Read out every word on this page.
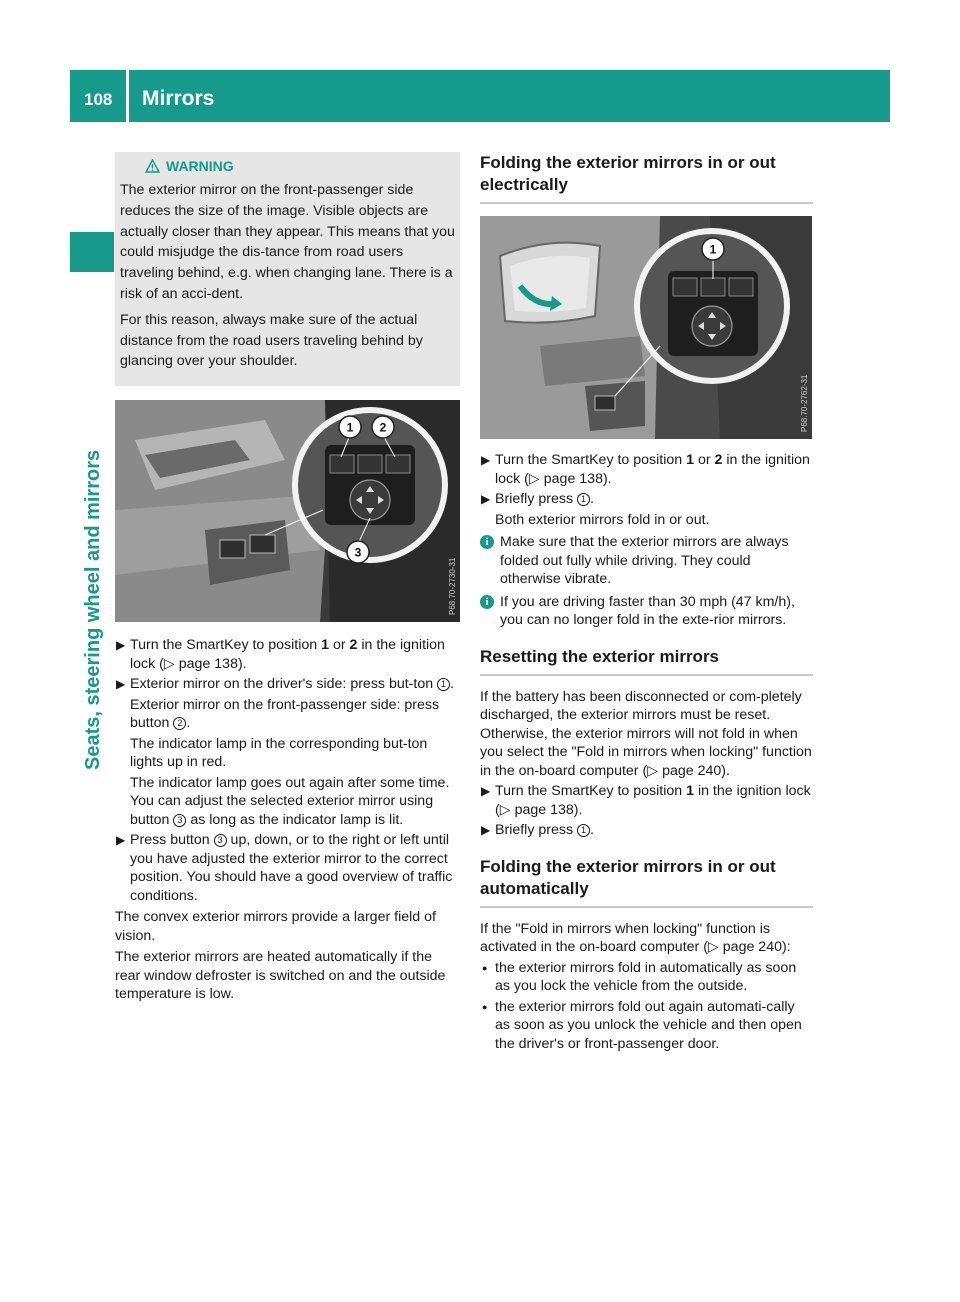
108 Mirrors
Seats, steering wheel and mirrors
WARNING

The exterior mirror on the front-passenger side reduces the size of the image. Visible objects are actually closer than they appear. This means that you could misjudge the dis-tance from road users traveling behind, e.g. when changing lane. There is a risk of an acci-dent.

For this reason, always make sure of the actual distance from the road users traveling behind by glancing over your shoulder.

1 2
3
P68.70-2730-31
▶ Turn the SmartKey to position 1 or 2 in the ignition lock (▷ page 138).

▶ Exterior mirror on the driver's side: press but-ton 1 .

Exterior mirror on the front-passenger side: press button 2 .

The indicator lamp in the corresponding but-ton lights up in red.

The indicator lamp goes out again after some time. You can adjust the selected exterior mirror using button 3 as long as the indicator lamp is lit.

▶ Press button 3 up, down, or to the right or left until you have adjusted the exterior mirror to the correct position. You should have a good overview of traffic conditions.

The convex exterior mirrors provide a larger field of vision.

The exterior mirrors are heated automatically if the rear window defroster is switched on and the outside temperature is low.

Folding the exterior mirrors in or out electrically
1
P68.70-2762-31
▶ Turn the SmartKey to position 1 or 2 in the ignition lock (▷ page 138).

▶ Briefly press 1 .

Both exterior mirrors fold in or out.

i Make sure that the exterior mirrors are always folded out fully while driving. They could otherwise vibrate.

i If you are driving faster than 30 mph (47 km/h), you can no longer fold in the exte-rior mirrors.

Resetting the exterior mirrors

If the battery has been disconnected or com-pletely discharged, the exterior mirrors must be reset. Otherwise, the exterior mirrors will not fold in when you select the "Fold in mirrors when locking" function in the on-board computer (▷ page 240).

▶ Turn the SmartKey to position 1 in the ignition lock (▷ page 138).

▶ Briefly press 1 .

Folding the exterior mirrors in or out automatically

If the "Fold in mirrors when locking" function is activated in the on-board computer (▷ page 240):

● the exterior mirrors fold in automatically as soon as you lock the vehicle from the outside.

● the exterior mirrors fold out again automati-cally as soon as you unlock the vehicle and then open the driver's or front-passenger door.
